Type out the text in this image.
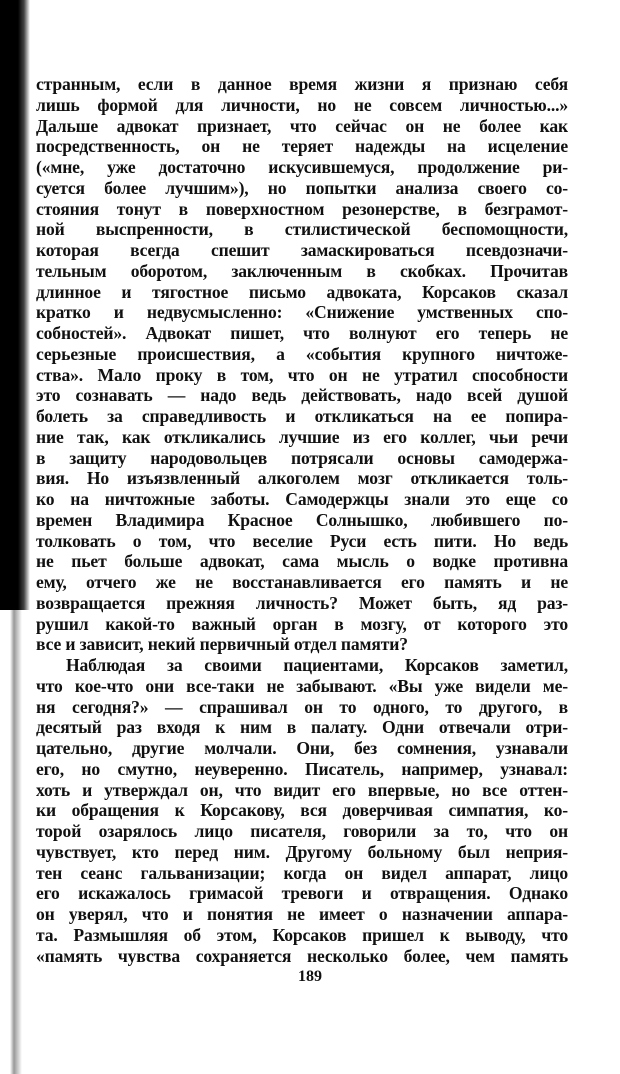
странным, если в данное время жизни я признаю себя
лишь формой для личности, но не совсем личностью...»
Дальше адвокат признает, что сейчас он не более как
посредственность, он не теряет надежды на исцеление
(«мне, уже достаточно искусившемуся, продолжение ри-
суется более лучшим»), но попытки анализа своего со-
стояния тонут в поверхностном резонерстве, в безграмот-
ной выспренности, в стилистической беспомощности,
которая всегда спешит замаскироваться псевдозначи-
тельным оборотом, заключенным в скобках. Прочитав
длинное и тягостное письмо адвоката, Корсаков сказал
кратко и недвусмысленно: «Снижение умственных спо-
собностей». Адвокат пишет, что волнуют его теперь не
серьезные происшествия, а «события крупного ничтоже-
ства». Мало проку в том, что он не утратил способности
это сознавать — надо ведь действовать, надо всей душой
болеть за справедливость и откликаться на ее попира-
ние так, как откликались лучшие из его коллег, чьи речи
в защиту народовольцев потрясали основы самодержа-
вия. Но изъязвленный алкоголем мозг откликается толь-
ко на ничтожные заботы. Самодержцы знали это еще со
времен Владимира Красное Солнышко, любившего по-
толковать о том, что веселие Руси есть пити. Но ведь
не пьет больше адвокат, сама мысль о водке противна
ему, отчего же не восстанавливается его память и не
возвращается прежняя личность? Может быть, яд раз-
рушил какой-то важный орган в мозгу, от которого это
все и зависит, некий первичный отдел памяти?
Наблюдая за своими пациентами, Корсаков заметил,
что кое-что они все-таки не забывают. «Вы уже видели ме-
ня сегодня?» — спрашивал он то одного, то другого, в
десятый раз входя к ним в палату. Одни отвечали отри-
цательно, другие молчали. Они, без сомнения, узнавали
его, но смутно, неуверенно. Писатель, например, узнавал:
хоть и утверждал он, что видит его впервые, но все оттен-
ки обращения к Корсакову, вся доверчивая симпатия, ко-
торой озарялось лицо писателя, говорили за то, что он
чувствует, кто перед ним. Другому больному был неприя-
тен сеанс гальванизации; когда он видел аппарат, лицо
его искажалось гримасой тревоги и отвращения. Однако
он уверял, что и понятия не имеет о назначении аппара-
та. Размышляя об этом, Корсаков пришел к выводу, что
«память чувства сохраняется несколько более, чем память
189
